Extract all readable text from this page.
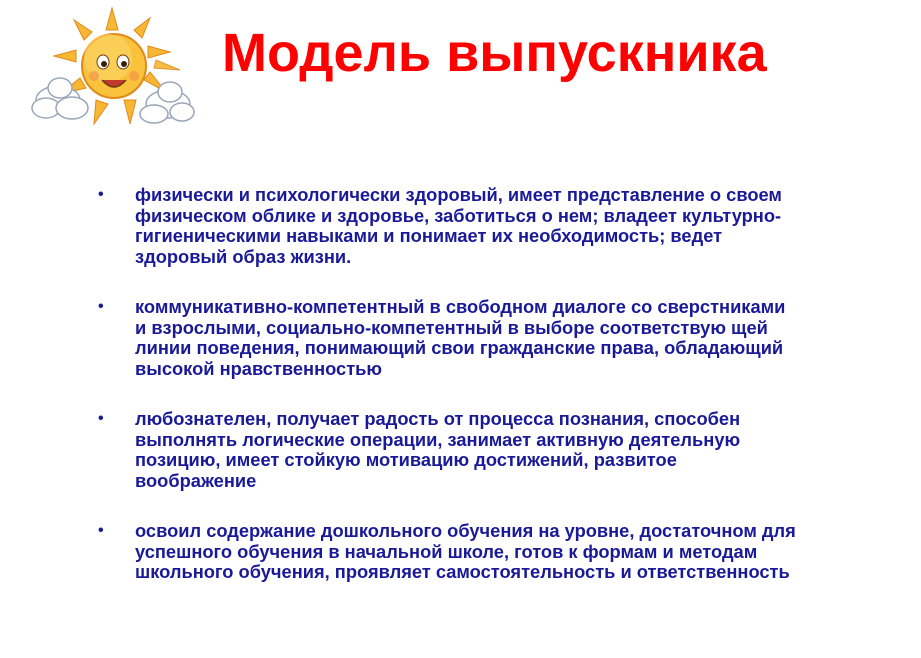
Модель выпускника
• физически и психологически здоровый, имеет представление о своем
физическом облике и здоровье, заботиться о нем; владеет культурно-
гигиеническими навыками и понимает их необходимость; ведет
здоровый образ жизни.
• коммуникативно-компетентный в свободном диалоге со сверстниками
и взрослыми, социально-компетентный в выборе соответствую щей
линии поведения, понимающий свои гражданские права, обладающий
высокой нравственностью
• любознателен, получает радость от процесса познания, способен
выполнять логические операции, занимает активную деятельную
позицию, имеет стойкую мотивацию достижений, развитое
воображение
• освоил содержание дошкольного обучения на уровне, достаточном для
успешного обучения в начальной школе, готов к формам и методам
школьного обучения, проявляет самостоятельность и ответственность
